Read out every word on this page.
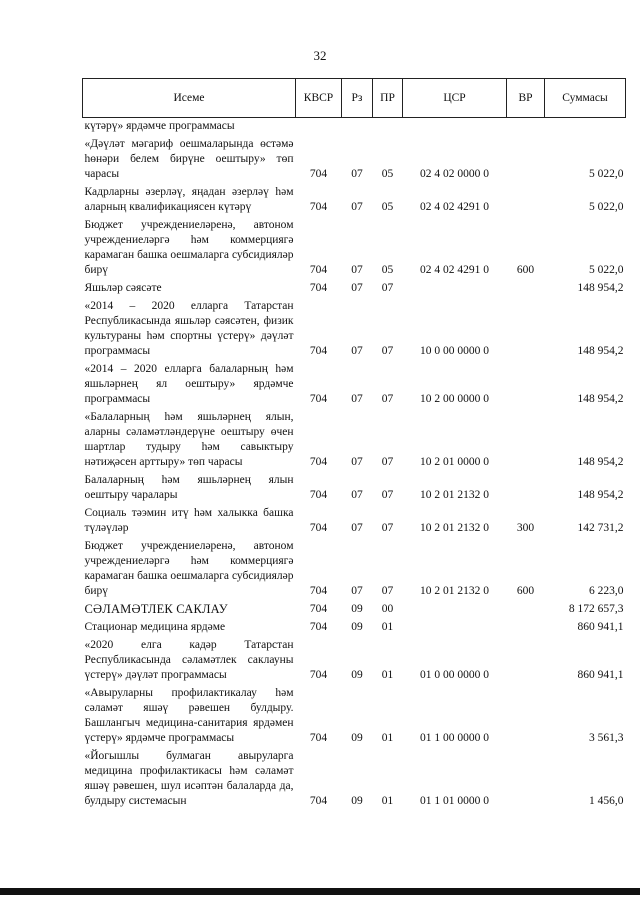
32
Исеме	КВСР	Рз	ПР	ЦСР	ВР	Суммасы
күтәрү» ярдәмче программасы						
«Дәүләт мәгариф оешмаларында өстәмә һөнәри белем бирүне оештыру» төп чарасы	704	07	05	02 4 02 0000 0		5 022,0
Кадрларны әзерләү, яңадан әзерләү һәм аларның квалификациясен күтәрү	704	07	05	02 4 02 4291 0		5 022,0
Бюджет учреждениеләренә, автоном учреждениеләргә һәм коммерциягә карамаган башка оешмаларга субсидияләр бирү	704	07	05	02 4 02 4291 0	600	5 022,0
Яшьләр сәясәте	704	07	07			148 954,2
«2014 – 2020 елларга Татарстан Республикасында яшьләр сәясәтен, физик культураны һәм спортны үстерү» дәүләт программасы	704	07	07	10 0 00 0000 0		148 954,2
«2014 – 2020 елларга балаларның һәм яшьләрнең ял оештыру» ярдәмче программасы	704	07	07	10 2 00 0000 0		148 954,2
«Балаларның һәм яшьләрнең ялын, аларны сәламәтләндерүне оештыру өчен шартлар тудыру һәм савыктыру нәтиҗәсен арттыру» төп чарасы	704	07	07	10 2 01 0000 0		148 954,2
Балаларның һәм яшьләрнең ялын оештыру чаралары	704	07	07	10 2 01 2132 0		148 954,2
Социаль тәэмин итү һәм халыкка башка түләүләр	704	07	07	10 2 01 2132 0	300	142 731,2
Бюджет учреждениеләренә, автоном учреждениеләргә һәм коммерциягә карамаган башка оешмаларга субсидияләр бирү	704	07	07	10 2 01 2132 0	600	6 223,0
СӘЛАМӘТЛЕК САКЛАУ	704	09	00			8 172 657,3
Стационар медицина ярдәме	704	09	01			860 941,1
«2020 елга кадәр Татарстан Республикасында сәламәтлек саклауны үстерү» дәүләт программасы	704	09	01	01 0 00 0000 0		860 941,1
«Авыруларны профилактикалау һәм сәламәт яшәү рәвешен булдыру. Башлангыч медицина-санитария ярдәмен үстерү» ярдәмче программасы	704	09	01	01 1 00 0000 0		3 561,3
«Йогышлы булмаган авыруларга медицина профилактикасы һәм сәламәт яшәү рәвешен, шул исәптән балаларда да, булдыру системасын	704	09	01	01 1 01 0000 0		1 456,0
